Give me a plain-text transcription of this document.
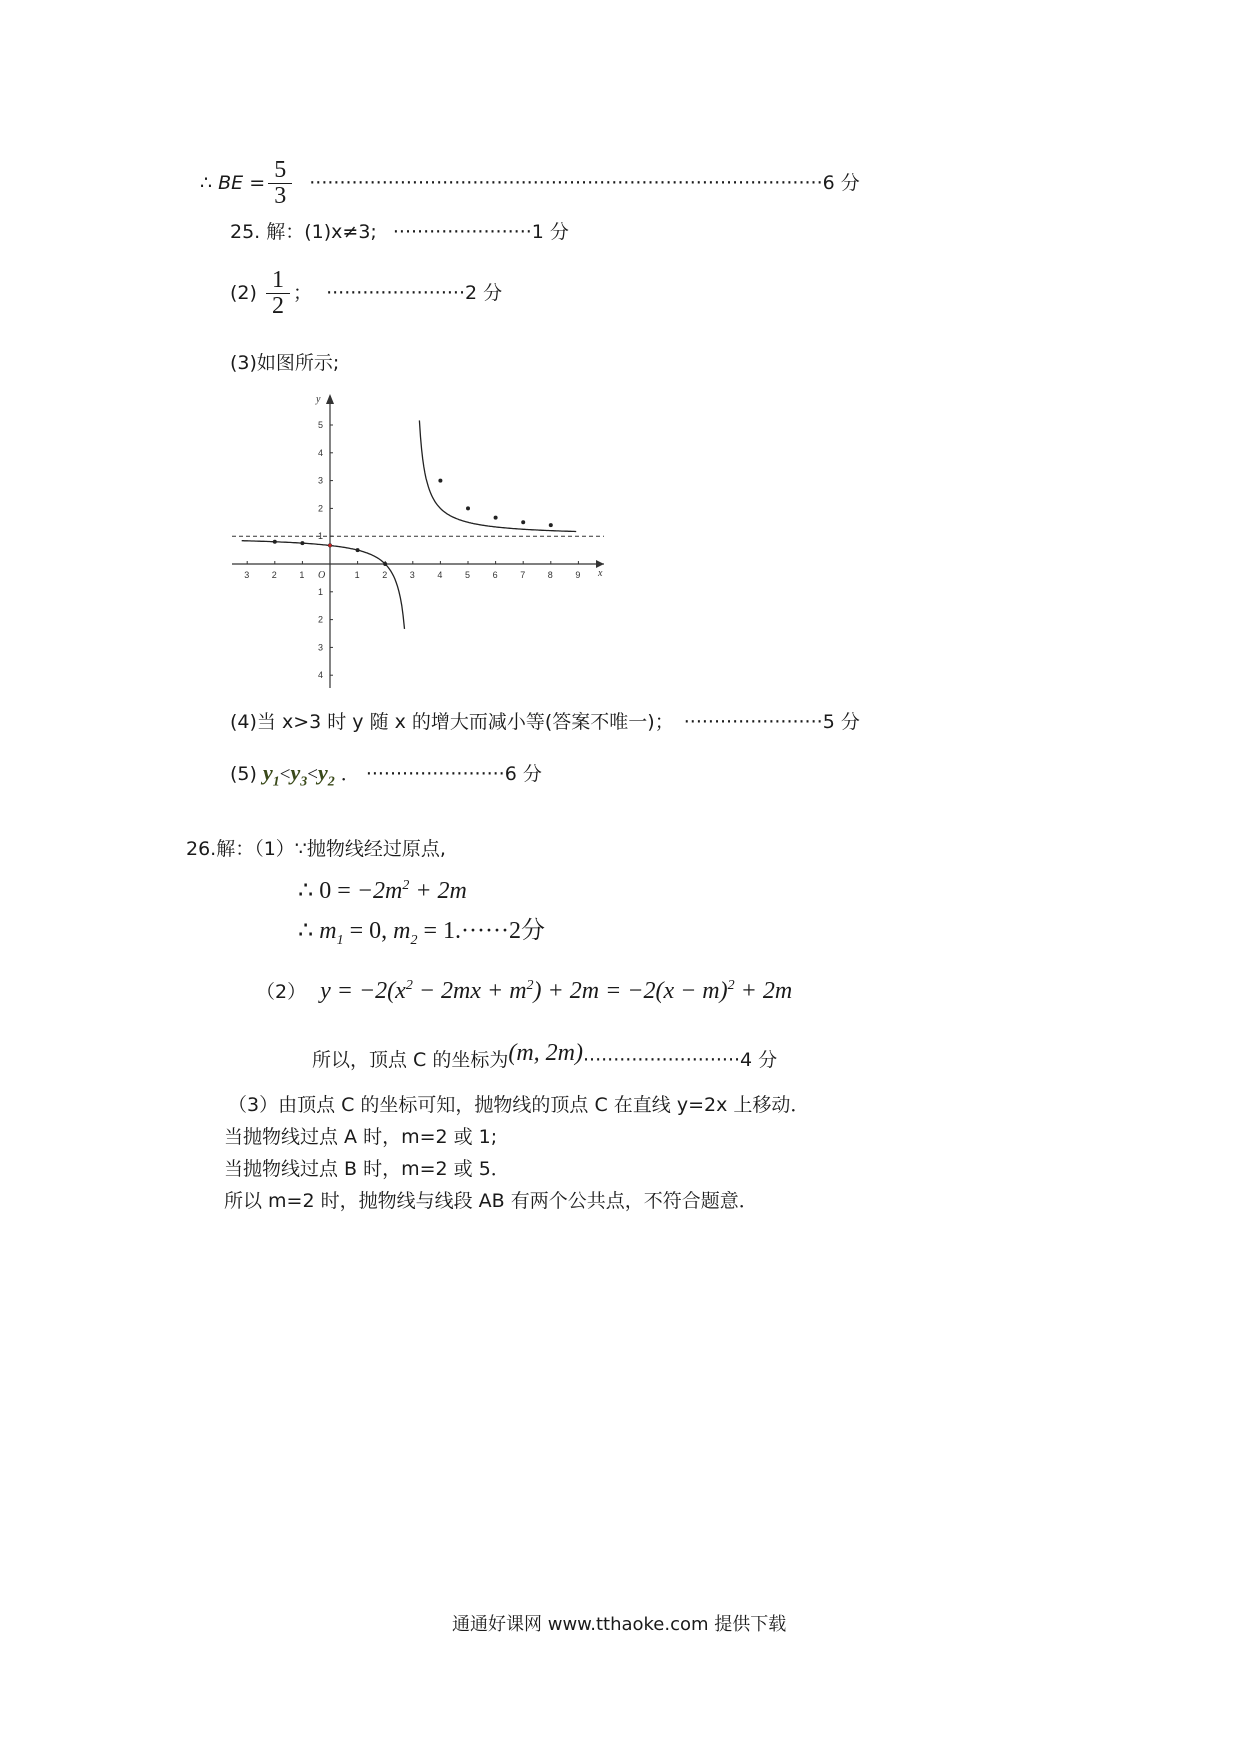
∴ BE = $\frac{5}{3} \cdot\cdot\cdot\cdot\cdot\cdot\cdot\cdot\cdot\cdot\cdot\cdot\cdot\cdot\cdot\cdot\cdot\cdot\cdot\cdot\cdot\cdot\cdot\cdot\cdot\cdot\cdot\cdot\cdot\cdot\cdot\cdot\cdot\cdot\cdot\cdot\cdot\cdot\cdot\cdot\cdot\cdot\cdot\cdot\cdot\cdot\cdot\cdot\cdot\cdot\cdot\cdot\cdot\cdot\cdot\cdot\cdot\cdot\cdot\cdot\cdot\cdot\cdot\cdot\cdot\cdot\cdot\cdot\cdot\cdot\cdot\cdot\cdot\cdot\cdot\cdot\cdot\cdot\cdot\cdot\cdot\cdot\cdot\cdot\cdot 6$ 分
25. 解：(1)x≠3; ·······················1 分
$(2) \frac{1}{2}$ ； ·······················2 分
(3)如图所示;
y
x
O
3	2	1	1	2	3	4	5	6	7	8	9
1
2
3
4
5
1
2
3
4
(4)当 x>3 时 y 随 x 的增大而减小等(答案不唯一)； ·······················5 分
(5) $y_1<y_3<y_2$ ． ·······················6 分
26.解：（1）∵抛物线经过原点,
∴ $0 = -2m^2 + 2m$
∴ $m_1 = 0$, $m_2 = 1.\cdot\cdot\cdot\cdot\cdot\cdot 2$分
（2） $y = -2(x^2 - 2mx + m^2) + 2m = -2(x - m)^2 + 2m$
所以，顶点 C 的坐标为(m, 2m)··························4 分
（3）由顶点 C 的坐标可知，抛物线的顶点 C 在直线 y=2x 上移动．
当抛物线过点 A 时，m=2 或 1;
当抛物线过点 B 时，m=2 或 5．
所以 m=2 时，抛物线与线段 AB 有两个公共点，不符合题意．
通通好课网 www.tthaoke.com 提供下载
